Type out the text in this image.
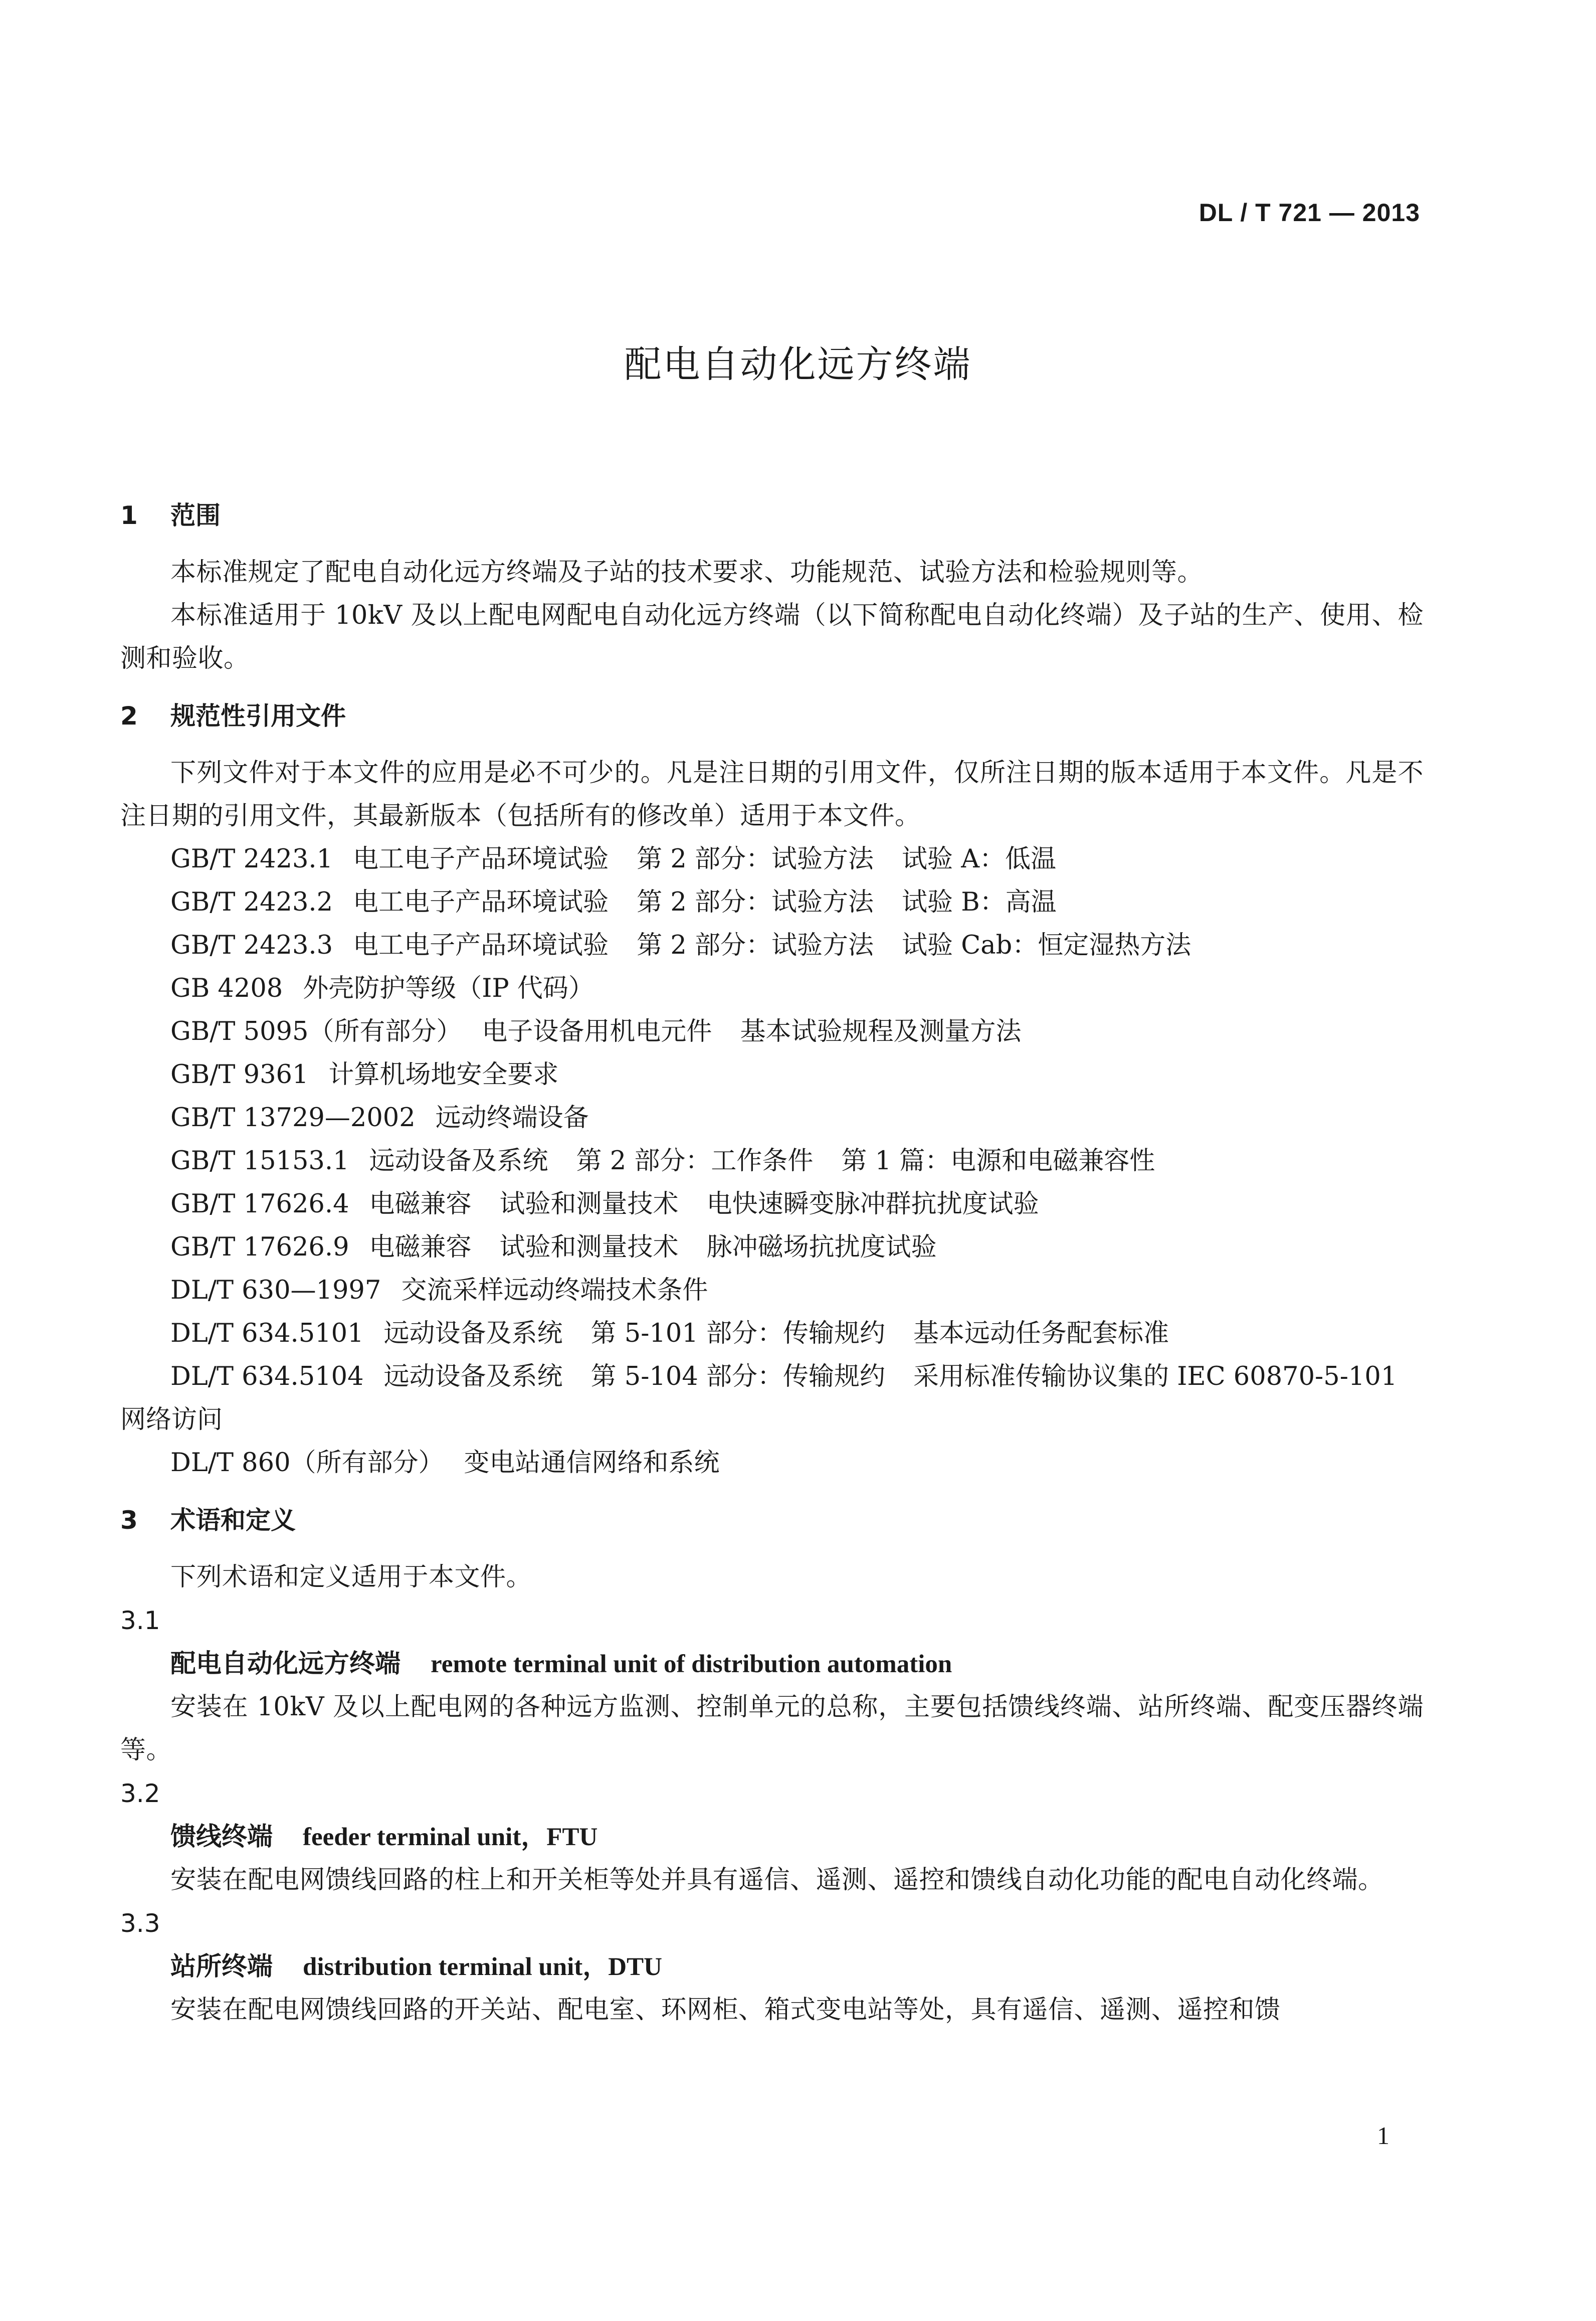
DL / T 721 — 2013
配电自动化远方终端
1 范围
本标准规定了配电自动化远方终端及子站的技术要求、功能规范、试验方法和检验规则等。
本标准适用于 10kV 及以上配电网配电自动化远方终端（以下简称配电自动化终端）及子站的生产、使用、检测和验收。
2 规范性引用文件
下列文件对于本文件的应用是必不可少的。凡是注日期的引用文件，仅所注日期的版本适用于本文件。凡是不注日期的引用文件，其最新版本（包括所有的修改单）适用于本文件。
GB/T 2423.1 电工电子产品环境试验 第 2 部分：试验方法 试验 A：低温
GB/T 2423.2 电工电子产品环境试验 第 2 部分：试验方法 试验 B：高温
GB/T 2423.3 电工电子产品环境试验 第 2 部分：试验方法 试验 Cab：恒定湿热方法
GB 4208 外壳防护等级（IP 代码）
GB/T 5095（所有部分） 电子设备用机电元件 基本试验规程及测量方法
GB/T 9361 计算机场地安全要求
GB/T 13729—2002 远动终端设备
GB/T 15153.1 远动设备及系统 第 2 部分：工作条件 第 1 篇：电源和电磁兼容性
GB/T 17626.4 电磁兼容 试验和测量技术 电快速瞬变脉冲群抗扰度试验
GB/T 17626.9 电磁兼容 试验和测量技术 脉冲磁场抗扰度试验
DL/T 630—1997 交流采样远动终端技术条件
DL/T 634.5101 远动设备及系统 第 5-101 部分：传输规约 基本远动任务配套标准
DL/T 634.5104 远动设备及系统 第 5-104 部分：传输规约 采用标准传输协议集的 IEC 60870-5-101 网络访问
DL/T 860（所有部分） 变电站通信网络和系统
3 术语和定义
下列术语和定义适用于本文件。
3.1
配电自动化远方终端 remote terminal unit of distribution automation
安装在 10kV 及以上配电网的各种远方监测、控制单元的总称，主要包括馈线终端、站所终端、配变压器终端等。
3.2
馈线终端 feeder terminal unit，FTU
安装在配电网馈线回路的柱上和开关柜等处并具有遥信、遥测、遥控和馈线自动化功能的配电自动化终端。
3.3
站所终端 distribution terminal unit，DTU
安装在配电网馈线回路的开关站、配电室、环网柜、箱式变电站等处，具有遥信、遥测、遥控和馈
1
